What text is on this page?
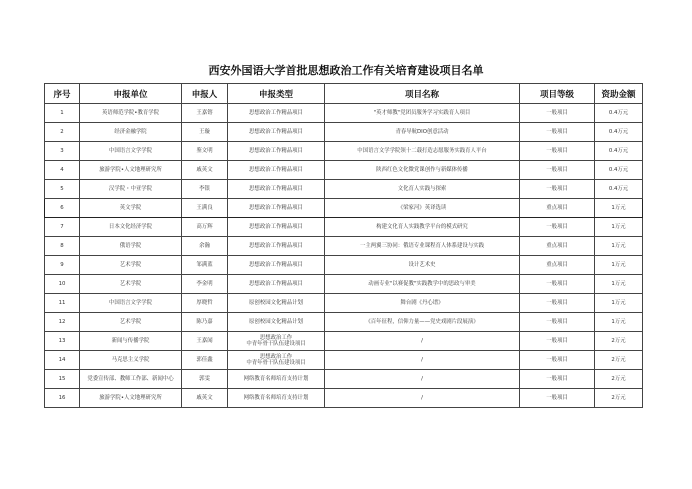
西安外国语大学首批思想政治工作有关培育建设项目名单
序号	申报单位	申报人	申报类型	项目名称	项目等级	资助金额
1	英语师范学院•教育学院	王嘉镕	思想政治工作精品项目	"英才师教"党团员服务学习实践育人项目	一般项目	0.4万元
2	经济金融学院	王璇	思想政治工作精品项目	青春导航DIO创意活动	一般项目	0.4万元
3	中国语言文学学院	鉴文明	思想政治工作精品项目	中国语言文学学院领十二载打造志愿服务实践育人平台	一般项目	0.4万元
4	旅游学院•人文地理研究所	戚英文	思想政治工作精品项目	陕西红色文化微党课创作与新媒体传播	一般项目	0.4万元
5	汉学院・中亚学院	李银	思想政治工作精品项目	文化育人实践与探索	一般项目	0.4万元
6	英文学院	王满良	思想政治工作精品项目	《梁家河》英译选读	重点项目	1万元
7	日本文化经济学院	高万辉	思想政治工作精品项目	构建文化育人实践教学平台的模式研究	一般项目	1万元
8	俄语学院	余瀚	思想政治工作精品项目	一主两翼三协同：俄语专业课程育人体系建设与实践	重点项目	1万元
9	艺术学院	邹满蓝	思想政治工作精品项目	设计艺术史	重点项目	1万元
10	艺术学院	李金明	思想政治工作精品项目	动画专业"以赛促教"实践教学中的思政与审美	一般项目	1万元
11	中国语言文学学院	厚晓哲	原创校园文化精品计划	舞台剧《丹心谱》	一般项目	1万元
12	艺术学院	陈乃嘉	原创校园文化精品计划	《百年征程，信仰力量——党史戏剧片段展演》	一般项目	1万元
13	新闻与传播学院	王嘉闻	思想政治工作
中青年骨干队伍建设项目	/	一般项目	2万元
14	马克思主义学院	郭佳鑫	思想政治工作
中青年骨干队伍建设项目	/	一般项目	2万元
15	党委宣传部、教师工作部、新闻中心	郭雯	网络教育名师培育支持计划	/	一般项目	2万元
16	旅游学院•人文地理研究所	戚英文	网络教育名师培育支持计划	/	一般项目	2万元
